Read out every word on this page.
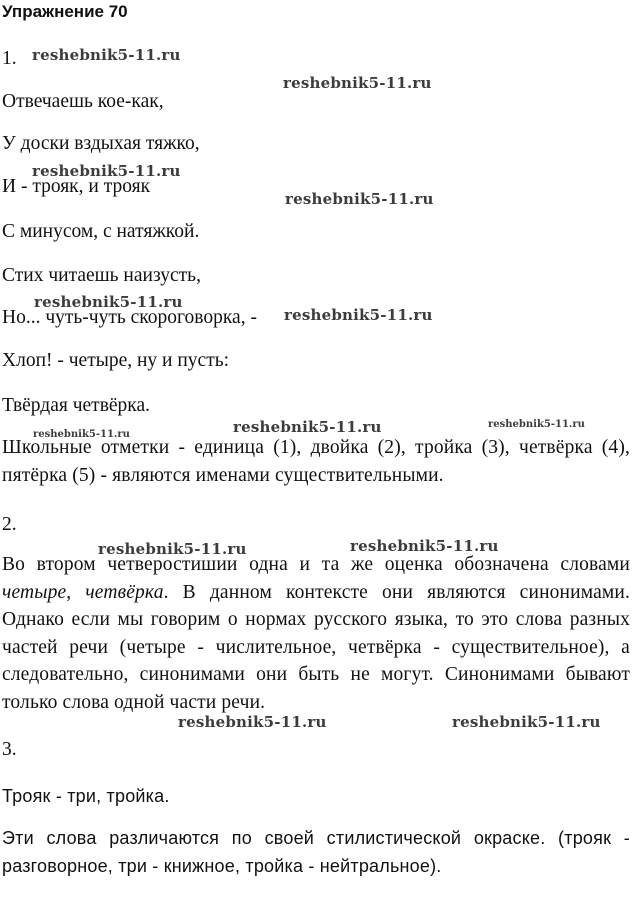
Упражнение 70
1.
Отвечаешь кое-как,
У доски вздыхая тяжко,
И - трояк, и трояк
С минусом, с натяжкой.
Стих читаешь наизусть,
Но... чуть-чуть скороговорка, -
Хлоп! - четыре, ну и пусть:
Твёрдая четвёрка.
Школьные отметки - единица (1), двойка (2), тройка (3), четвёрка (4), пятёрка (5) - являются именами существительными.
2.
Во втором четверостишии одна и та же оценка обозначена словами четыре, четвёрка. В данном контексте они являются синонимами. Однако если мы говорим о нормах русского языка, то это слова разных частей речи (четыре - числительное, четвёрка - существительное), а следовательно, синонимами они быть не могут. Синонимами бывают только слова одной части речи.
3.
Трояк - три, тройка.
Эти слова различаются по своей стилистической окраске. (трояк - разговорное, три - книжное, тройка - нейтральное).
reshebnik5-11.ru
reshebnik5-11.ru
reshebnik5-11.ru
reshebnik5-11.ru
reshebnik5-11.ru
reshebnik5-11.ru
reshebnik5-11.ru
reshebnik5-11.ru
reshebnik5-11.ru
reshebnik5-11.ru	reshebnik5-11.ru
reshebnik5-11.ru	reshebnik5-11.ru
